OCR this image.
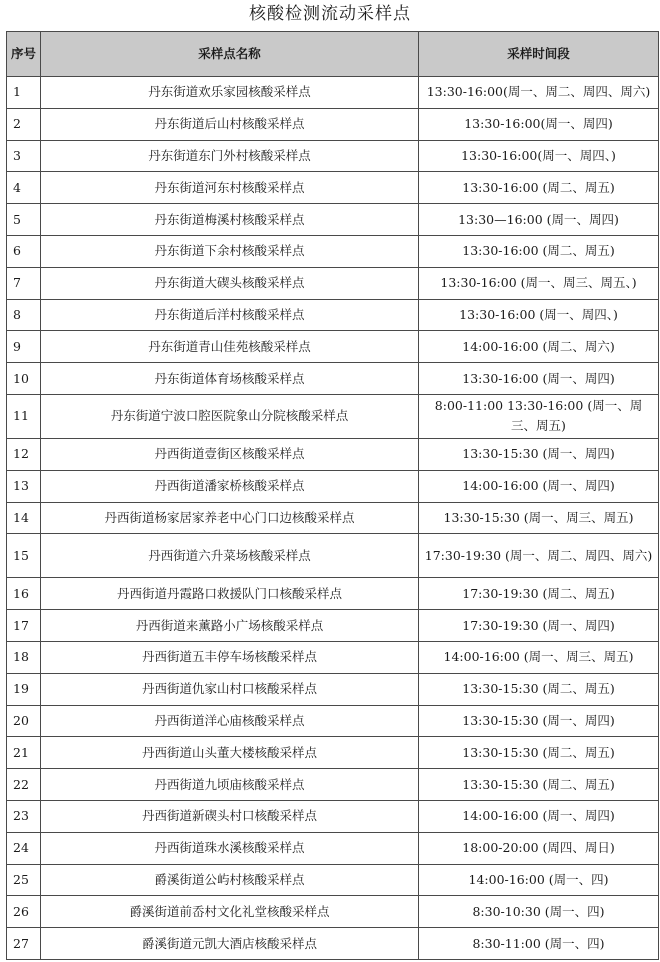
核酸检测流动采样点
序号	采样点名称	采样时间段
1	丹东街道欢乐家园核酸采样点	13:30-16:00(周一、周二、周四、周六)
2	丹东街道后山村核酸采样点	13:30-16:00(周一、周四)
3	丹东街道东门外村核酸采样点	13:30-16:00(周一、周四、)
4	丹东街道河东村核酸采样点	13:30-16:00 (周二、周五)
5	丹东街道梅溪村核酸采样点	13:30—16:00 (周一、周四)
6	丹东街道下余村核酸采样点	13:30-16:00 (周二、周五)
7	丹东街道大碶头核酸采样点	13:30-16:00 (周一、周三、周五、)
8	丹东街道后洋村核酸采样点	13:30-16:00 (周一、周四、)
9	丹东街道青山佳苑核酸采样点	14:00-16:00 (周二、周六)
10	丹东街道体育场核酸采样点	13:30-16:00 (周一、周四)
11	丹东街道宁波口腔医院象山分院核酸采样点	8:00-11:00 13:30-16:00 (周一、周三、周五)
12	丹西街道壹街区核酸采样点	13:30-15:30 (周一、周四)
13	丹西街道潘家桥核酸采样点	14:00-16:00 (周一、周四)
14	丹西街道杨家居家养老中心门口边核酸采样点	13:30-15:30 (周一、周三、周五)
15	丹西街道六升菜场核酸采样点	17:30-19:30 (周一、周二、周四、周六)
16	丹西街道丹霞路口救援队门口核酸采样点	17:30-19:30 (周二、周五)
17	丹西街道来薰路小广场核酸采样点	17:30-19:30 (周一、周四)
18	丹西街道五丰停车场核酸采样点	14:00-16:00 (周一、周三、周五)
19	丹西街道仇家山村口核酸采样点	13:30-15:30 (周二、周五)
20	丹西街道洋心庙核酸采样点	13:30-15:30 (周一、周四)
21	丹西街道山头董大楼核酸采样点	13:30-15:30 (周二、周五)
22	丹西街道九顷庙核酸采样点	13:30-15:30 (周二、周五)
23	丹西街道新碶头村口核酸采样点	14:00-16:00 (周一、周四)
24	丹西街道珠水溪核酸采样点	18:00-20:00 (周四、周日)
25	爵溪街道公屿村核酸采样点	14:00-16:00 (周一、四)
26	爵溪街道前岙村文化礼堂核酸采样点	8:30-10:30 (周一、四)
27	爵溪街道元凯大酒店核酸采样点	8:30-11:00 (周一、四)
